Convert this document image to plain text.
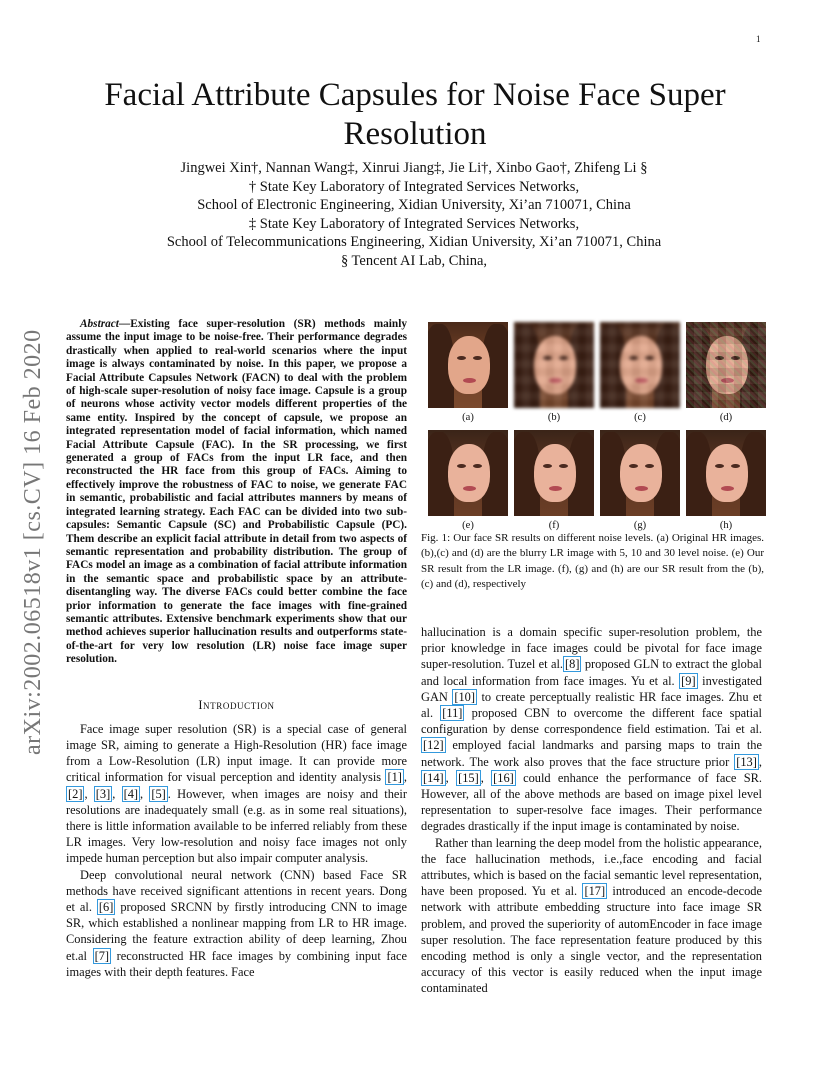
1
arXiv:2002.06518v1 [cs.CV] 16 Feb 2020
Facial Attribute Capsules for Noise Face Super Resolution
Jingwei Xin†, Nannan Wang‡, Xinrui Jiang‡, Jie Li†, Xinbo Gao†, Zhifeng Li §
† State Key Laboratory of Integrated Services Networks,
School of Electronic Engineering, Xidian University, Xi’an 710071, China
‡ State Key Laboratory of Integrated Services Networks,
School of Telecommunications Engineering, Xidian University, Xi’an 710071, China
§ Tencent AI Lab, China,

Abstract—Existing face super-resolution (SR) methods mainly assume the input image to be noise-free. Their performance degrades drastically when applied to real-world scenarios where the input image is always contaminated by noise. In this paper, we propose a Facial Attribute Capsules Network (FACN) to deal with the problem of high-scale super-resolution of noisy face image. Capsule is a group of neurons whose activity vector models different properties of the same entity. Inspired by the concept of capsule, we propose an integrated representation model of facial information, which named Facial Attribute Capsule (FAC). In the SR processing, we first generated a group of FACs from the input LR face, and then reconstructed the HR face from this group of FACs. Aiming to effectively improve the robustness of FAC to noise, we generate FAC in semantic, probabilistic and facial attributes manners by means of integrated learning strategy. Each FAC can be divided into two sub-capsules: Semantic Capsule (SC) and Probabilistic Capsule (PC). Them describe an explicit facial attribute in detail from two aspects of semantic representation and probability distribution. The group of FACs model an image as a combination of facial attribute information in the semantic space and probabilistic space by an attribute-disentangling way. The diverse FACs could better combine the face prior information to generate the face images with fine-grained semantic attributes. Extensive benchmark experiments show that our method achieves superior hallucination results and outperforms state-of-the-art for very low resolution (LR) noise face image super resolution.

Introduction

Face image super resolution (SR) is a special case of general image SR, aiming to generate a High-Resolution (HR) face image from a Low-Resolution (LR) input image. It can provide more critical information for visual perception and identity analysis [1] , [2] , [3] , [4] , [5] . However, when images are noisy and their resolutions are inadequately small (e.g. as in some real situations), there is little information available to be inferred reliably from these LR images. Very low-resolution and noisy face images not only impede human perception but also impair computer analysis.

Deep convolutional neural network (CNN) based Face SR methods have received significant attentions in recent years. Dong et al. [6] proposed SRCNN by firstly introducing CNN to image SR, which established a nonlinear mapping from LR to HR image. Considering the feature extraction ability of deep learning, Zhou et.al [7] reconstructed HR face images by combining input face images with their depth features. Face

(a)	(b)	(c)	(d)
(e)	(f)	(g)	(h)

Fig. 1: Our face SR results on different noise levels. (a) Original HR images. (b),(c) and (d) are the blurry LR image with 5, 10 and 30 level noise. (e) Our SR result from the LR image. (f), (g) and (h) are our SR result from the (b),(c) and (d), respectively

hallucination is a domain specific super-resolution problem, the prior knowledge in face images could be pivotal for face image super-resolution. Tuzel et al. [8] proposed GLN to extract the global and local information from face images. Yu et al. [9] investigated GAN [10] to create perceptually realistic HR face images. Zhu et al. [11] proposed CBN to overcome the different face spatial configuration by dense correspondence field estimation. Tai et al. [12] employed facial landmarks and parsing maps to train the network. The work also proves that the face structure prior [13] , [14] , [15] , [16] could enhance the performance of face SR. However, all of the above methods are based on image pixel level representation to super-resolve face images. Their performance degrades drastically if the input image is contaminated by noise.

Rather than learning the deep model from the holistic appearance, the face hallucination methods, i.e.,face encoding and facial attributes, which is based on the facial semantic level representation, have been proposed. Yu et al. [17] introduced an encode-decode network with attribute embedding structure into face image SR problem, and proved the superiority of automEncoder in face image super resolution. The face representation feature produced by this encoding method is only a single vector, and the representation accuracy of this vector is easily reduced when the input image contaminated
